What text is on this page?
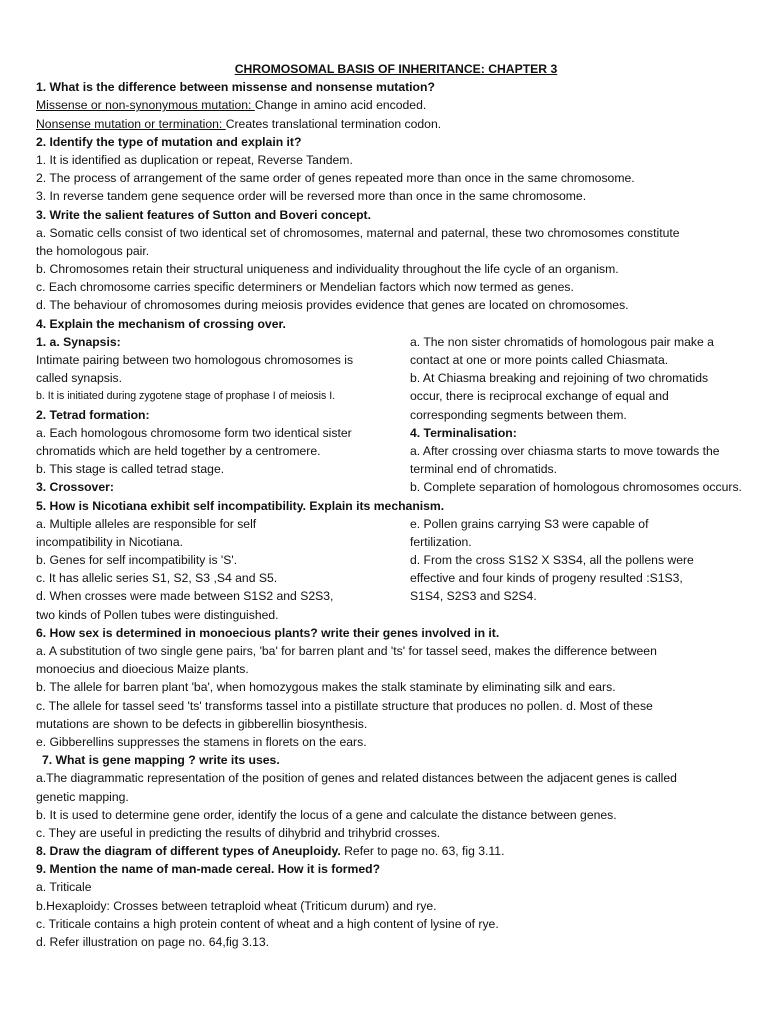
CHROMOSOMAL BASIS OF INHERITANCE: CHAPTER 3
1. What is the difference between missense and nonsense mutation?
Missense or non-synonymous mutation: Change in amino acid encoded.
Nonsense mutation or termination: Creates translational termination codon.
2. Identify the type of mutation and explain it?
1. It is identified as duplication or repeat, Reverse Tandem.
2. The process of arrangement of the same order of genes repeated more than once in the same chromosome.
3. In reverse tandem gene sequence order will be reversed more than once in the same chromosome.
3. Write the salient features of Sutton and Boveri concept.
a. Somatic cells consist of two identical set of chromosomes, maternal and paternal, these two chromosomes constitute
the homologous pair.
b. Chromosomes retain their structural uniqueness and individuality throughout the life cycle of an organism.
c. Each chromosome carries specific determiners or Mendelian factors which now termed as genes.
d. The behaviour of chromosomes during meiosis provides evidence that genes are located on chromosomes.
4. Explain the mechanism of crossing over.
1. a. Synapsis:
Intimate pairing between two homologous chromosomes is
called synapsis.
b. It is initiated during zygotene stage of prophase I of meiosis I.
2. Tetrad formation:
a. Each homologous chromosome form two identical sister
chromatids which are held together by a centromere.
b. This stage is called tetrad stage.
3. Crossover:
a. The non sister chromatids of homologous pair make a
contact at one or more points called Chiasmata.
b. At Chiasma breaking and rejoining of two chromatids
occur, there is reciprocal exchange of equal and
corresponding segments between them.
4. Terminalisation:
a. After crossing over chiasma starts to move towards the
terminal end of chromatids.
b. Complete separation of homologous chromosomes occurs.
5. How is Nicotiana exhibit self incompatibility. Explain its mechanism.
a. Multiple alleles are responsible for self
incompatibility in Nicotiana.
b. Genes for self incompatibility is 'S'.
c. It has allelic series S1, S2, S3 ,S4 and S5.
d. When crosses were made between S1S2 and S2S3,
two kinds of Pollen tubes were distinguished.
e. Pollen grains carrying S3 were capable of
fertilization.
d. From the cross S1S2 X S3S4, all the pollens were
effective and four kinds of progeny resulted :S1S3,
S1S4, S2S3 and S2S4.
6. How sex is determined in monoecious plants? write their genes involved in it.
a. A substitution of two single gene pairs, 'ba' for barren plant and 'ts' for tassel seed, makes the difference between
monoecius and dioecious Maize plants.
b. The allele for barren plant 'ba', when homozygous makes the stalk staminate by eliminating silk and ears.
c. The allele for tassel seed 'ts' transforms tassel into a pistillate structure that produces no pollen. d. Most of these
mutations are shown to be defects in gibberellin biosynthesis.
e. Gibberellins suppresses the stamens in florets on the ears.
7. What is gene mapping ? write its uses.
a.The diagrammatic representation of the position of genes and related distances between the adjacent genes is called
genetic mapping.
b. It is used to determine gene order, identify the locus of a gene and calculate the distance between genes.
c. They are useful in predicting the results of dihybrid and trihybrid crosses.
8. Draw the diagram of different types of Aneuploidy. Refer to page no. 63, fig 3.11.
9. Mention the name of man-made cereal. How it is formed?
a. Triticale
b.Hexaploidy: Crosses between tetraploid wheat (Triticum durum) and rye.
c. Triticale contains a high protein content of wheat and a high content of lysine of rye.
d. Refer illustration on page no. 64,fig 3.13.
